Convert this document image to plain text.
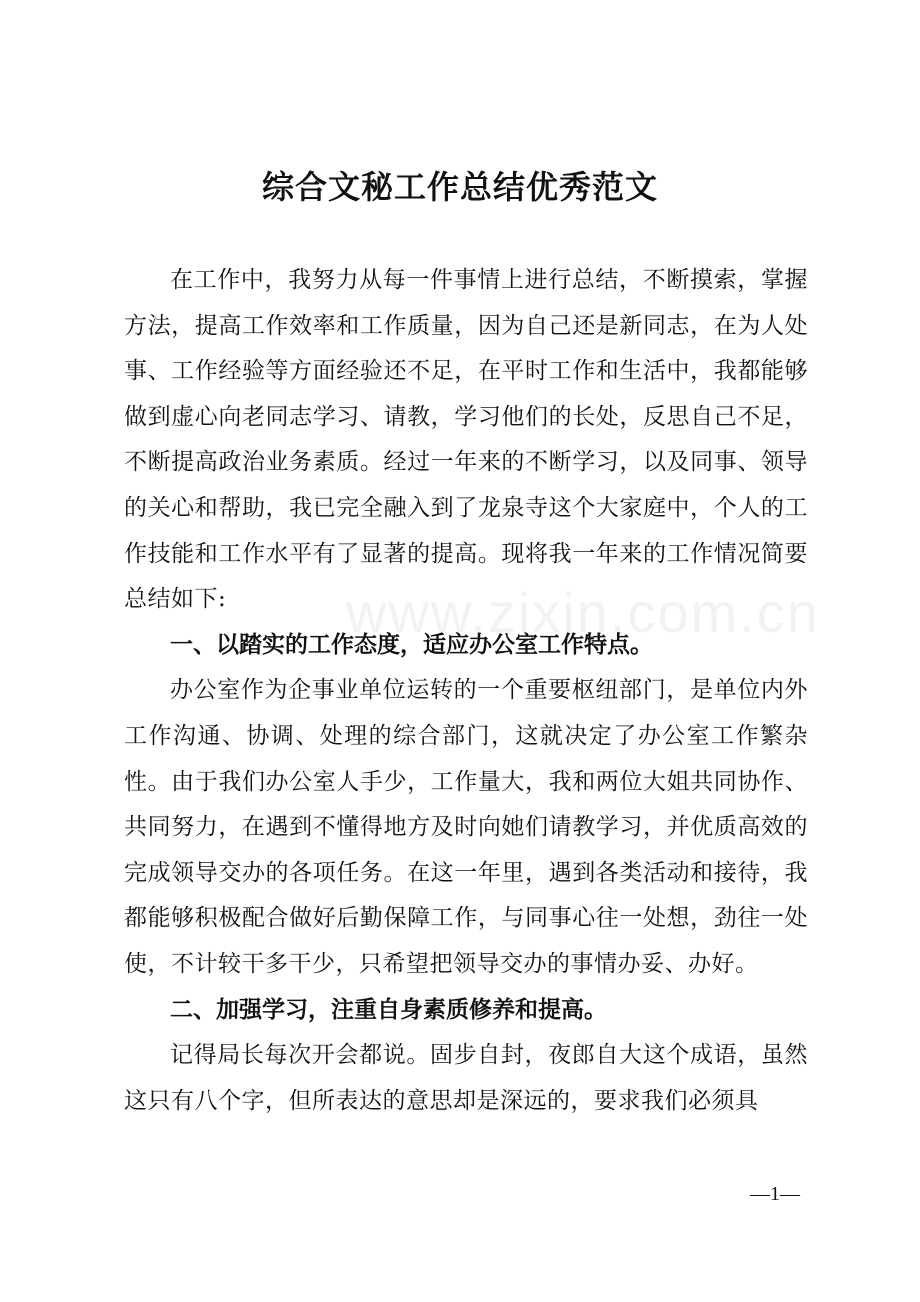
综合文秘工作总结优秀范文
www.zixin.com.cn

在工作中，我努力从每一件事情上进行总结，不断摸索，掌握方法，提高工作效率和工作质量，因为自己还是新同志，在为人处事、工作经验等方面经验还不足，在平时工作和生活中，我都能够做到虚心向老同志学习、请教，学习他们的长处，反思自己不足，不断提高政治业务素质。经过一年来的不断学习，以及同事、领导的关心和帮助，我已完全融入到了龙泉寺这个大家庭中，个人的工作技能和工作水平有了显著的提高。现将我一年来的工作情况简要总结如下:

一、以踏实的工作态度，适应办公室工作特点。

办公室作为企事业单位运转的一个重要枢纽部门，是单位内外工作沟通、协调、处理的综合部门，这就决定了办公室工作繁杂性。由于我们办公室人手少，工作量大，我和两位大姐共同协作、共同努力，在遇到不懂得地方及时向她们请教学习，并优质高效的完成领导交办的各项任务。在这一年里，遇到各类活动和接待，我都能够积极配合做好后勤保障工作，与同事心往一处想，劲往一处使，不计较干多干少，只希望把领导交办的事情办妥、办好。

二、加强学习，注重自身素质修养和提高。

记得局长每次开会都说。固步自封，夜郎自大这个成语，虽然这只有八个字，但所表达的意思却是深远的，要求我们必须具

—1—
